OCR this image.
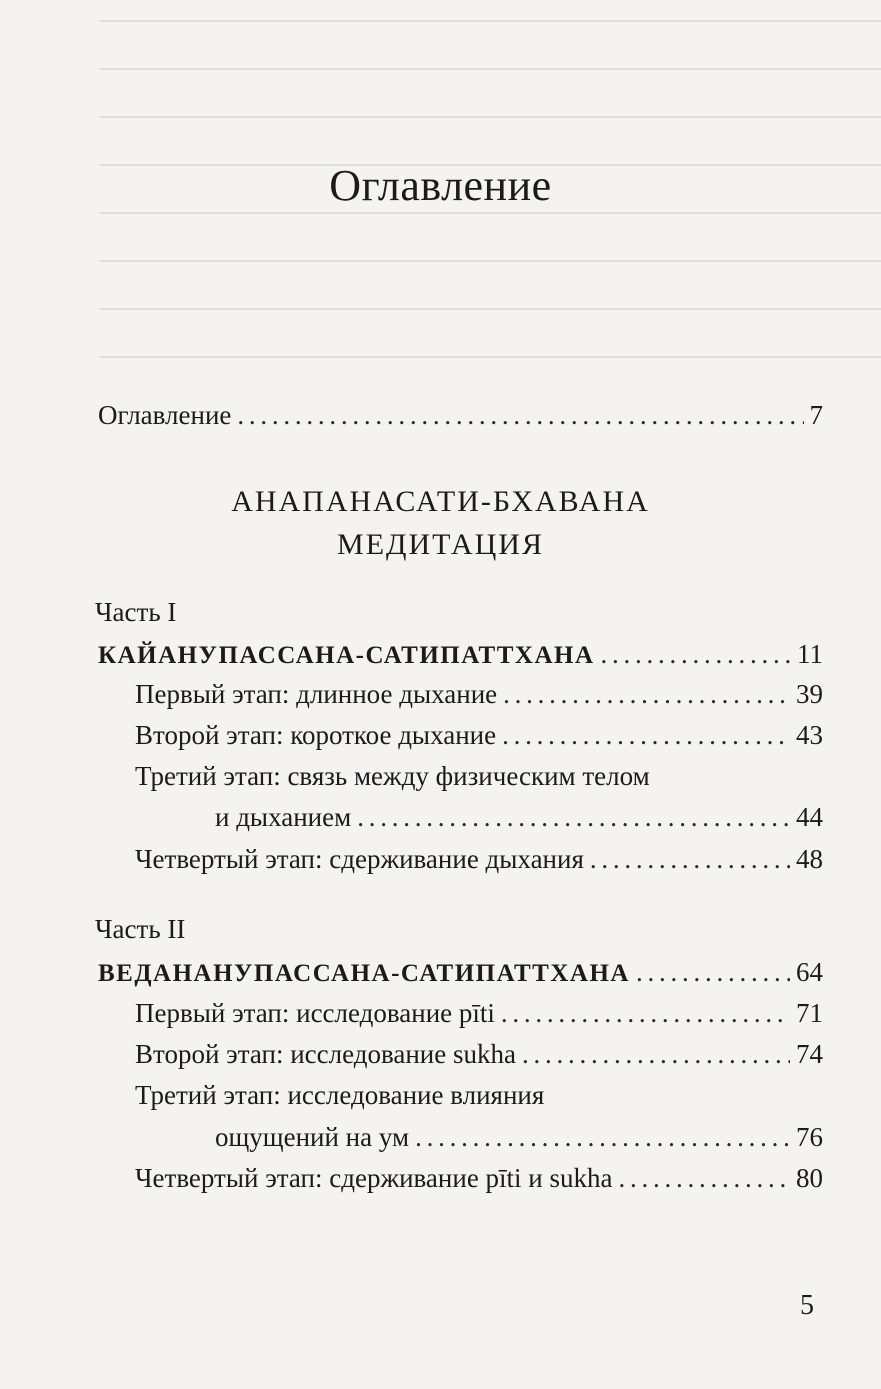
Оглавление
Оглавление . . .	7
АНАПАНАСАТИ-БХАВАНА
МЕДИТАЦИЯ
Часть I
КАЙАНУПАССАНА-САТИПАТТХАНА . . .	11
Первый этап: длинное дыхание . . .	39
Второй этап: короткое дыхание . . .	43
Третий этап: связь между физическим телом
и дыханием . . .	44
Четвертый этап: сдерживание дыхания . . .	48
Часть II
ВЕДАНАНУПАССАНА-САТИПАТТХАНА . . .	64
Первый этап: исследование pīti . . .	71
Второй этап: исследование sukha . . .	74
Третий этап: исследование влияния
ощущений на ум . . .	76
Четвертый этап: сдерживание pīti и sukha . . .	80
5
